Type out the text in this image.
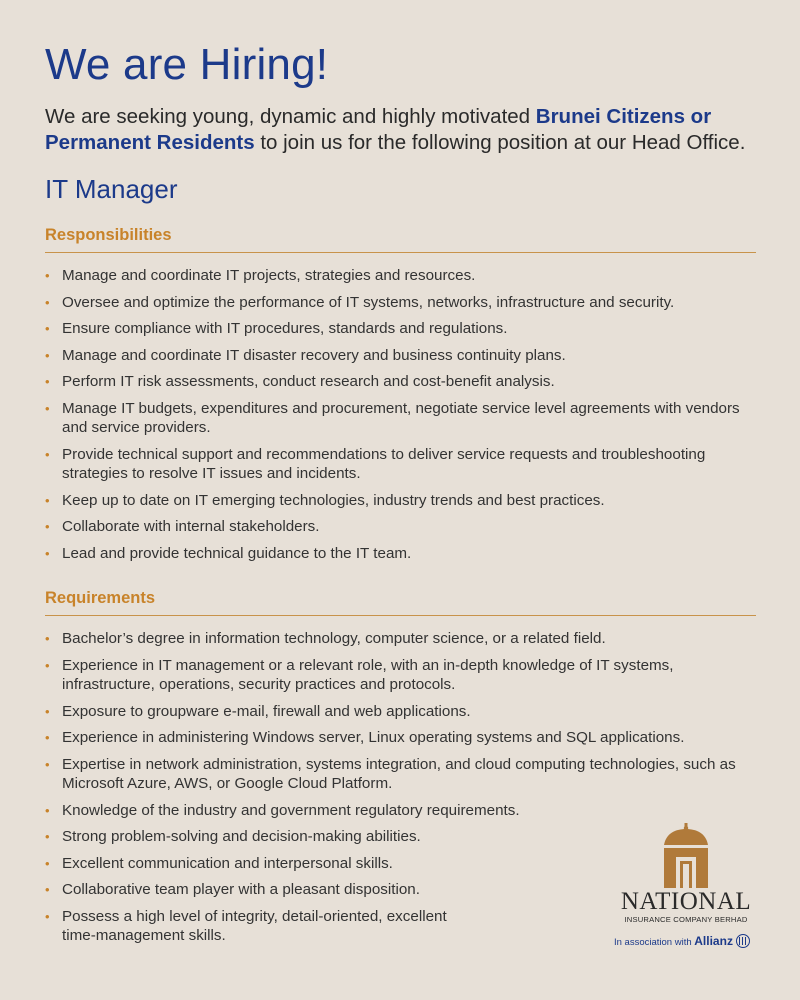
We are Hiring!
We are seeking young, dynamic and highly motivated Brunei Citizens or Permanent Residents to join us for the following position at our Head Office.
IT Manager
Responsibilities
• Manage and coordinate IT projects, strategies and resources.
• Oversee and optimize the performance of IT systems, networks, infrastructure and security.
• Ensure compliance with IT procedures, standards and regulations.
• Manage and coordinate IT disaster recovery and business continuity plans.
• Perform IT risk assessments, conduct research and cost-benefit analysis.
• Manage IT budgets, expenditures and procurement, negotiate service level agreements with vendors and service providers.
• Provide technical support and recommendations to deliver service requests and troubleshooting strategies to resolve IT issues and incidents.
• Keep up to date on IT emerging technologies, industry trends and best practices.
• Collaborate with internal stakeholders.
• Lead and provide technical guidance to the IT team.
Requirements
• Bachelor’s degree in information technology, computer science, or a related field.
• Experience in IT management or a relevant role, with an in-depth knowledge of IT systems, infrastructure, operations, security practices and protocols.
• Exposure to groupware e-mail, firewall and web applications.
• Experience in administering Windows server, Linux operating systems and SQL applications.
• Expertise in network administration, systems integration, and cloud computing technologies, such as Microsoft Azure, AWS, or Google Cloud Platform.
• Knowledge of the industry and government regulatory requirements.
• Strong problem-solving and decision-making abilities.
• Excellent communication and interpersonal skills.
• Collaborative team player with a pleasant disposition.
• Possess a high level of integrity, detail-oriented, excellent time-management skills.
NATIONAL
INSURANCE COMPANY BERHAD
In association with Allianz
